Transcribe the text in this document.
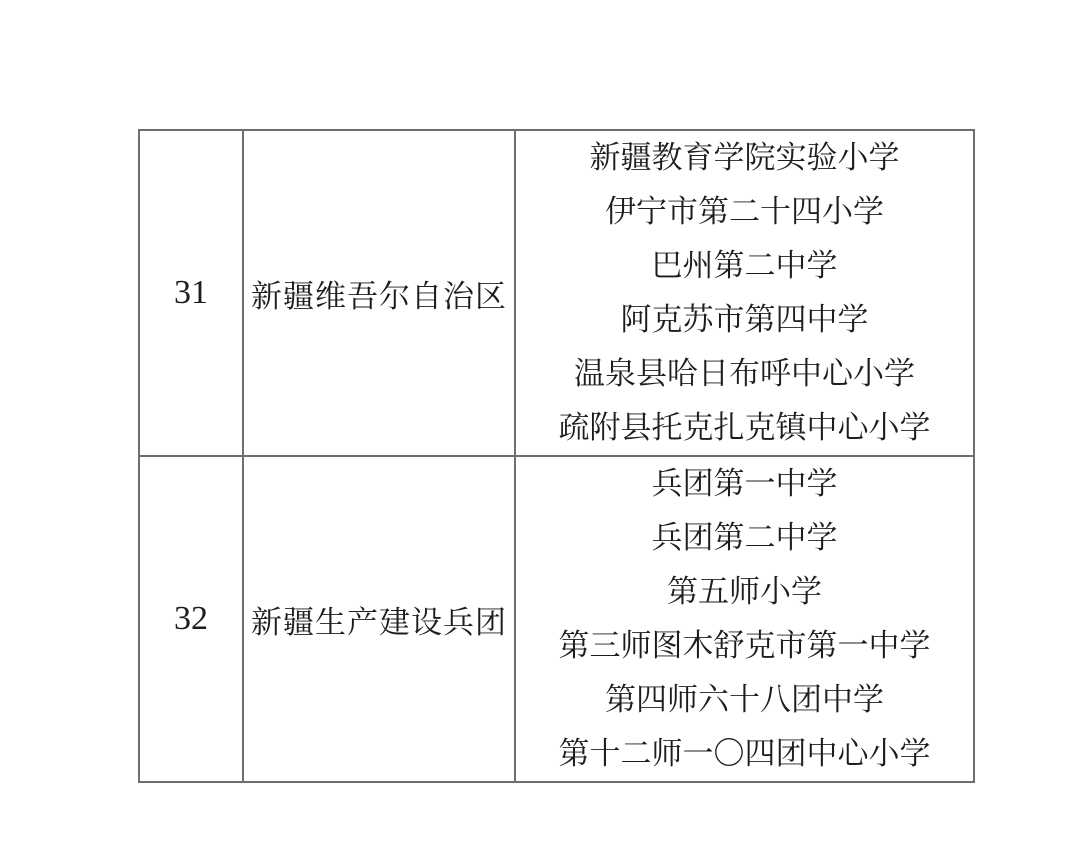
31 新疆维吾尔自治区
新疆教育学院实验小学
伊宁市第二十四小学
巴州第二中学
阿克苏市第四中学
温泉县哈日布呼中心小学
疏附县托克扎克镇中心小学
32 新疆生产建设兵团
兵团第一中学
兵团第二中学
第五师小学
第三师图木舒克市第一中学
第四师六十八团中学
第十二师一〇四团中心小学
